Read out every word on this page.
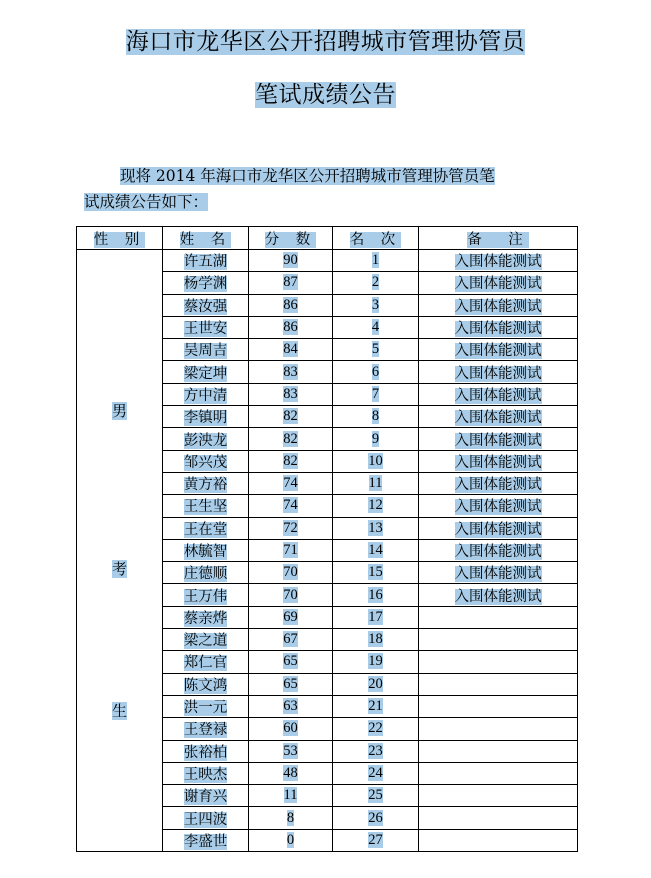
海口市龙华区公开招聘城市管理协管员
笔试成绩公告
现将 2014 年海口市龙华区公开招聘城市管理协管员笔
试成绩公告如下：
性 别	姓 名	分 数	名 次	备　注

男
考
生	许五湖	90	1	入围体能测试
	杨学渊	87	2	入围体能测试
	蔡汝强	86	3	入围体能测试
	王世安	86	4	入围体能测试
	吴周吉	84	5	入围体能测试
	梁定坤	83	6	入围体能测试
	方中清	83	7	入围体能测试
	李镇明	82	8	入围体能测试
	彭泱龙	82	9	入围体能测试
	邹兴茂	82	10	入围体能测试
	黄方裕	74	11	入围体能测试
	王生坚	74	12	入围体能测试
	王在堂	72	13	入围体能测试
	林毓智	71	14	入围体能测试
	庄德顺	70	15	入围体能测试
	王万伟	70	16	入围体能测试
	蔡亲烨	69	17	
	梁之道	67	18	
	郑仁官	65	19	
	陈文鸿	65	20	
	洪一元	63	21	
	王登禄	60	22	
	张裕柏	53	23	
	王映杰	48	24	
	谢育兴	11	25	
	王四波	8	26	
	李盛世	0	27	
